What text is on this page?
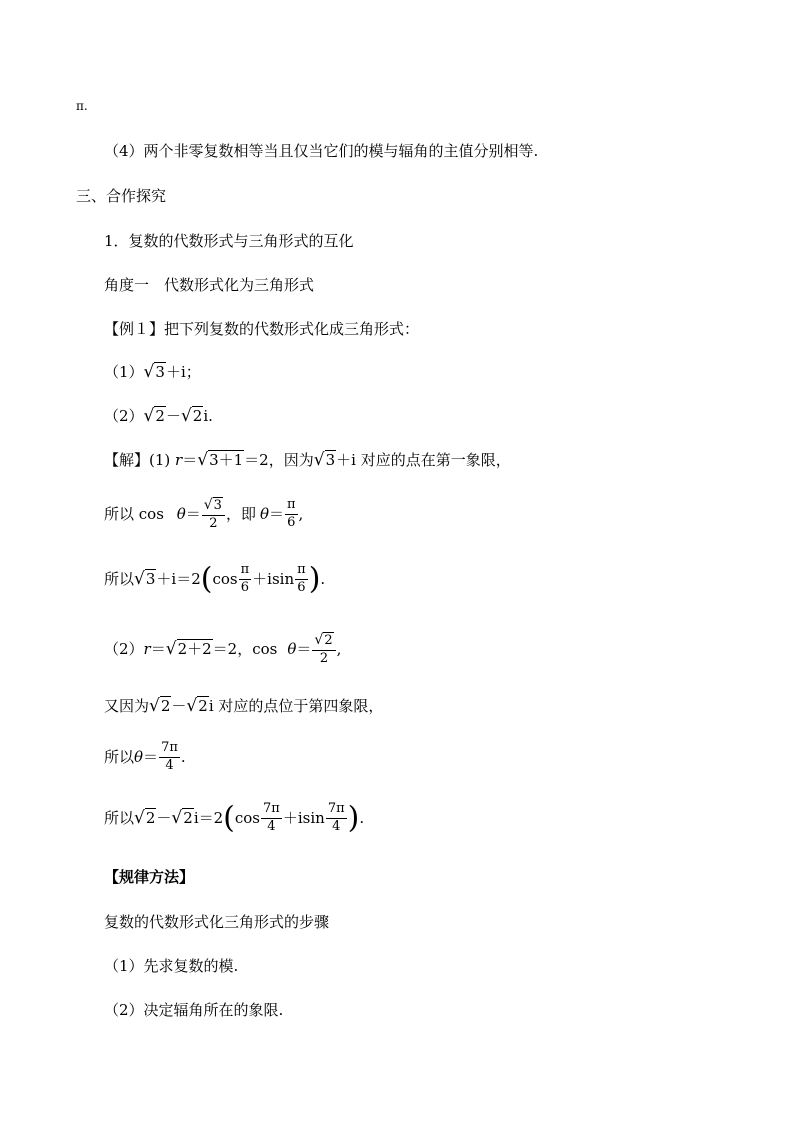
π.
（4）两个非零复数相等当且仅当它们的模与辐角的主值分别相等.
三、合作探究
1．复数的代数形式与三角形式的互化
角度一　代数形式化为三角形式
【例１】把下列复数的代数形式化成三角形式：
（1）√3＋i；
（2）√2－√2i.
【解】(1) r＝√3＋1＝2，因为√3＋i 对应的点在第一象限，
所以 $\cos \theta= \frac{√3}{2}$ ，即 $\theta= \frac{\pi}{6}$ ,
所以$√3+i=2(\cos \frac{\pi}{6} +isin \frac{\pi}{6}$ ).
（2）r＝√2＋2＝2，$\cos \theta= \frac{√2}{2}$ ,
又因为√2－√2i 对应的点位于第四象限，
所以$\theta= \frac{7\pi}{4}$ .
所以$√2-√2i=2(\cos \frac{7\pi}{4} +isin \frac{7\pi}{4}$ ).
【规律方法】
复数的代数形式化三角形式的步骤
（1）先求复数的模.
（2）决定辐角所在的象限.
